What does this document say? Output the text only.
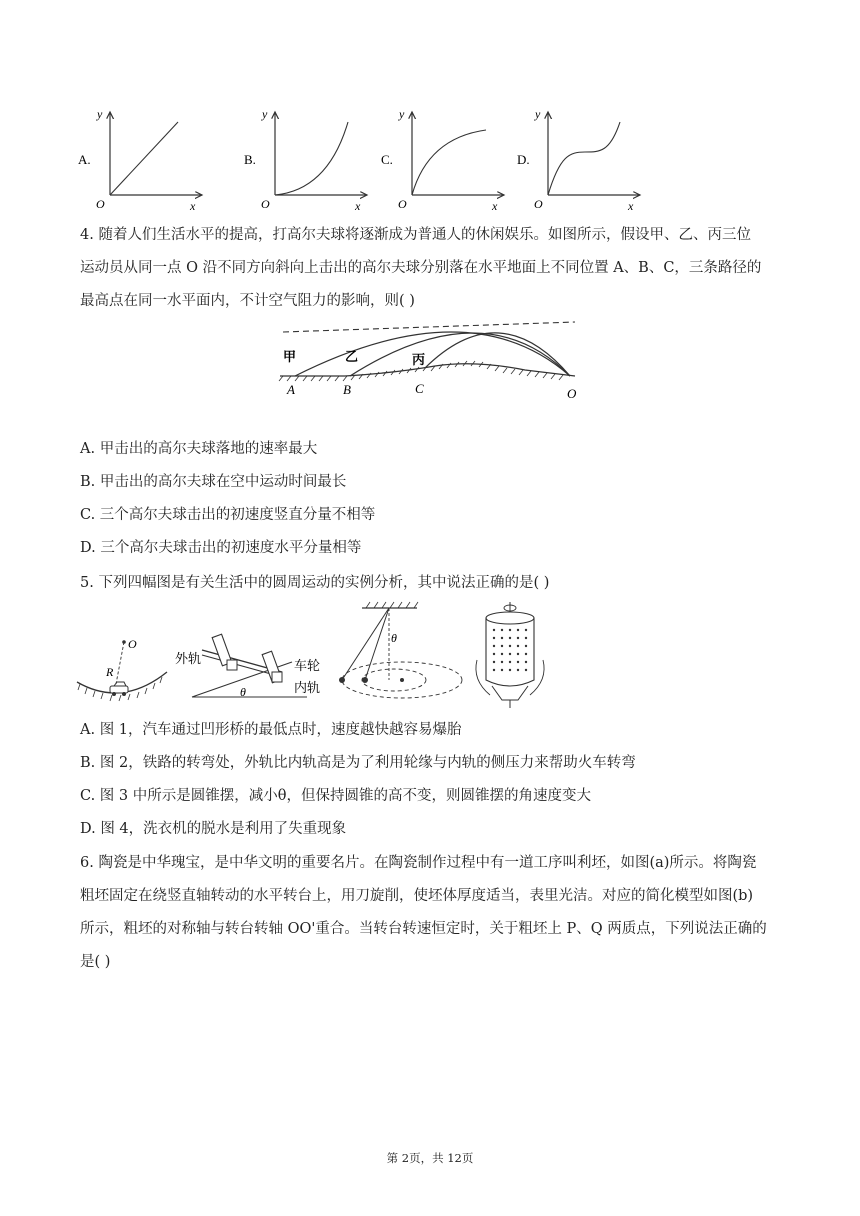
A.	B.	C.	D.
y	y	y	y
x	x	x	x
O	O	O	O
4. 随着人们生活水平的提高，打高尔夫球将逐渐成为普通人的休闲娱乐。如图所示，假设甲、乙、丙三位
运动员从同一点 O 沿不同方向斜向上击出的高尔夫球分别落在水平地面上不同位置 A、B、C，三条路径的
最高点在同一水平面内，不计空气阻力的影响，则( )
甲	乙	丙
A	B	C	O
A. 甲击出的高尔夫球落地的速率最大
B. 甲击出的高尔夫球在空中运动时间最长
C. 三个高尔夫球击出的初速度竖直分量不相等
D. 三个高尔夫球击出的初速度水平分量相等
5. 下列四幅图是有关生活中的圆周运动的实例分析，其中说法正确的是( )
O
R
外轨	车轮
内轨
θ
θ
A. 图 1，汽车通过凹形桥的最低点时，速度越快越容易爆胎
B. 图 2，铁路的转弯处，外轨比内轨高是为了利用轮缘与内轨的侧压力来帮助火车转弯
C. 图 3 中所示是圆锥摆，减小θ，但保持圆锥的高不变，则圆锥摆的角速度变大
D. 图 4，洗衣机的脱水是利用了失重现象
6. 陶瓷是中华瑰宝，是中华文明的重要名片。在陶瓷制作过程中有一道工序叫利坯，如图(a)所示。将陶瓷
粗坯固定在绕竖直轴转动的水平转台上，用刀旋削，使坯体厚度适当，表里光洁。对应的简化模型如图(b)
所示，粗坯的对称轴与转台转轴 OO'重合。当转台转速恒定时，关于粗坯上 P、Q 两质点，下列说法正确的
是( )
第 2页，共 12页
